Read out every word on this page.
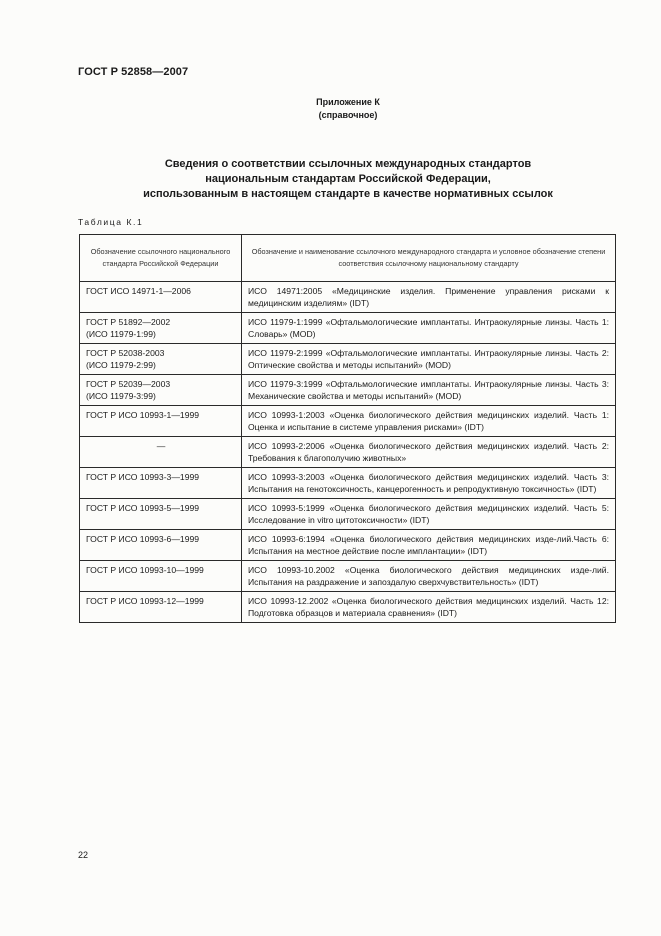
ГОСТ Р 52858—2007
Приложение К
(справочное)
Сведения о соответствии ссылочных международных стандартов
национальным стандартам Российской Федерации,
использованным в настоящем стандарте в качестве нормативных ссылок
Таблица К.1
Обозначение ссылочного национального стандарта Российской Федерации	Обозначение и наименование ссылочного международного стандарта и условное обозначение степени соответствия ссылочному национальному стандарту
ГОСТ ИСО 14971-1—2006	ИСО 14971:2005 «Медицинские изделия. Применение управления рисками к медицинским изделиям» (IDT)
ГОСТ Р 51892—2002
(ИСО 11979-1:99)	ИСО 11979-1:1999 «Офтальмологические имплантаты. Интраокулярные линзы. Часть 1: Словарь» (MOD)
ГОСТ Р 52038-2003
(ИСО 11979-2:99)	ИСО 11979-2:1999 «Офтальмологические имплантаты. Интраокулярные линзы. Часть 2: Оптические свойства и методы испытаний» (MOD)
ГОСТ Р 52039—2003
(ИСО 11979-3:99)	ИСО 11979-3:1999 «Офтальмологические имплантаты. Интраокулярные линзы. Часть 3: Механические свойства и методы испытаний» (MOD)
ГОСТ Р ИСО 10993-1—1999	ИСО 10993-1:2003 «Оценка биологического действия медицинских изделий. Часть 1: Оценка и испытание в системе управления рисками» (IDT)
—	ИСО 10993-2:2006 «Оценка биологического действия медицинских изделий. Часть 2: Требования к благополучию животных»
ГОСТ Р ИСО 10993-3—1999	ИСО 10993-3:2003 «Оценка биологического действия медицинских изделий. Часть 3: Испытания на генотоксичность, канцерогенность и репродуктивную токсичность» (IDT)
ГОСТ Р ИСО 10993-5—1999	ИСО 10993-5:1999 «Оценка биологического действия медицинских изделий. Часть 5: Исследование in vitro цитотоксичности» (IDT)
ГОСТ Р ИСО 10993-6—1999	ИСО 10993-6:1994 «Оценка биологического действия медицинских изде-лий.Часть 6: Испытания на местное действие после имплантации» (IDT)
ГОСТ Р ИСО 10993-10—1999	ИСО 10993-10.2002 «Оценка биологического действия медицинских изде-лий. Испытания на раздражение и запоздалую сверхчувствительность» (IDT)
ГОСТ Р ИСО 10993-12—1999	ИСО 10993-12.2002 «Оценка биологического действия медицинских изделий. Часть 12: Подготовка образцов и материала сравнения» (IDT)
22
